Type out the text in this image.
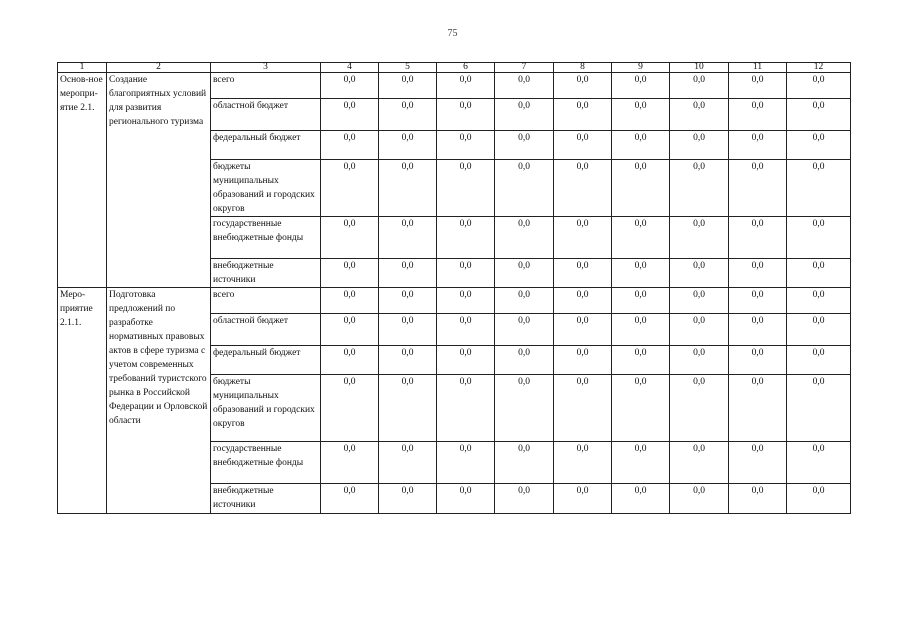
75
1	2	3	4	5	6	7	8	9	10	11	12
Основ-ное меропри-ятие 2.1.	Создание благоприятных условий для развития регионального туризма	всего	0,0	0,0	0,0	0,0	0,0	0,0	0,0	0,0	0,0
		областной бюджет	0,0	0,0	0,0	0,0	0,0	0,0	0,0	0,0	0,0
		федеральный бюджет	0,0	0,0	0,0	0,0	0,0	0,0	0,0	0,0	0,0
		бюджеты муниципальных образований и городских округов	0,0	0,0	0,0	0,0	0,0	0,0	0,0	0,0	0,0
		государственные внебюджетные фонды	0,0	0,0	0,0	0,0	0,0	0,0	0,0	0,0	0,0
		внебюджетные источники	0,0	0,0	0,0	0,0	0,0	0,0	0,0	0,0	0,0
Меро-приятие 2.1.1.	Подготовка предложений по разработке нормативных правовых актов в сфере туризма с учетом современных требований туристского рынка в Российской Федерации и Орловской области	всего	0,0	0,0	0,0	0,0	0,0	0,0	0,0	0,0	0,0
		областной бюджет	0,0	0,0	0,0	0,0	0,0	0,0	0,0	0,0	0,0
		федеральный бюджет	0,0	0,0	0,0	0,0	0,0	0,0	0,0	0,0	0,0
		бюджеты муниципальных образований и городских округов	0,0	0,0	0,0	0,0	0,0	0,0	0,0	0,0	0,0
		государственные внебюджетные фонды	0,0	0,0	0,0	0,0	0,0	0,0	0,0	0,0	0,0
		внебюджетные источники	0,0	0,0	0,0	0,0	0,0	0,0	0,0	0,0	0,0
